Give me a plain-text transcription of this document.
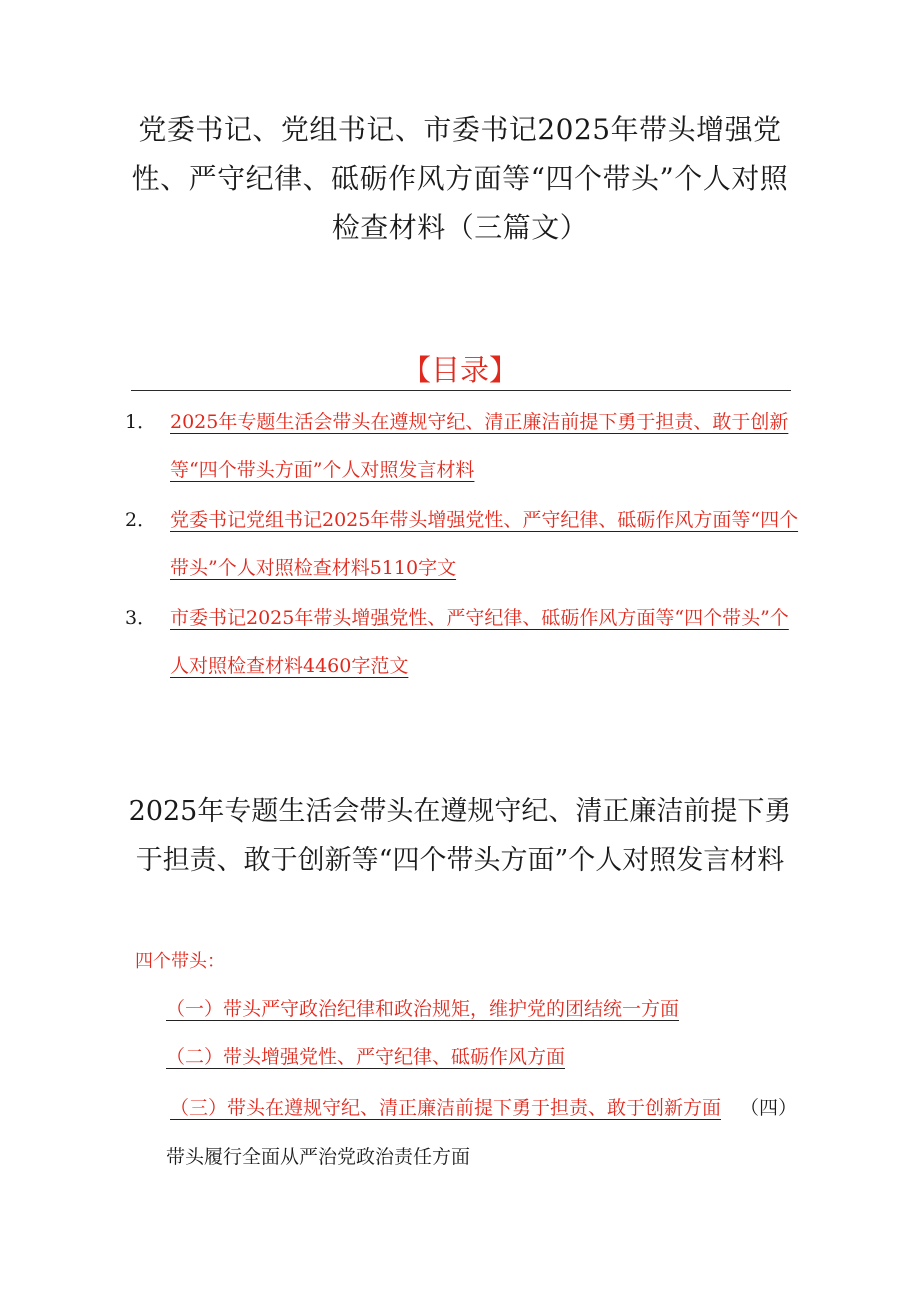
党委书记、党组书记、市委书记2025年带头增强党性、严守纪律、砥砺作风方面等“四个带头”个人对照检查材料（三篇文）
【目录】
1． 2025年专题生活会带头在遵规守纪、清正廉洁前提下勇于担责、敢于创新等“四个带头方面”个人对照发言材料
2． 党委书记党组书记2025年带头增强党性、严守纪律、砥砺作风方面等“四个带头”个人对照检查材料5110字文
3． 市委书记2025年带头增强党性、严守纪律、砥砺作风方面等“四个带头”个人对照检查材料4460字范文
2025年专题生活会带头在遵规守纪、清正廉洁前提下勇于担责、敢于创新等“四个带头方面”个人对照发言材料
四个带头：
（一）带头严守政治纪律和政治规矩，维护党的团结统一方面
（二）带头增强党性、严守纪律、砥砺作风方面
（三）带头在遵规守纪、清正廉洁前提下勇于担责、敢于创新方面 （四）
带头履行全面从严治党政治责任方面
